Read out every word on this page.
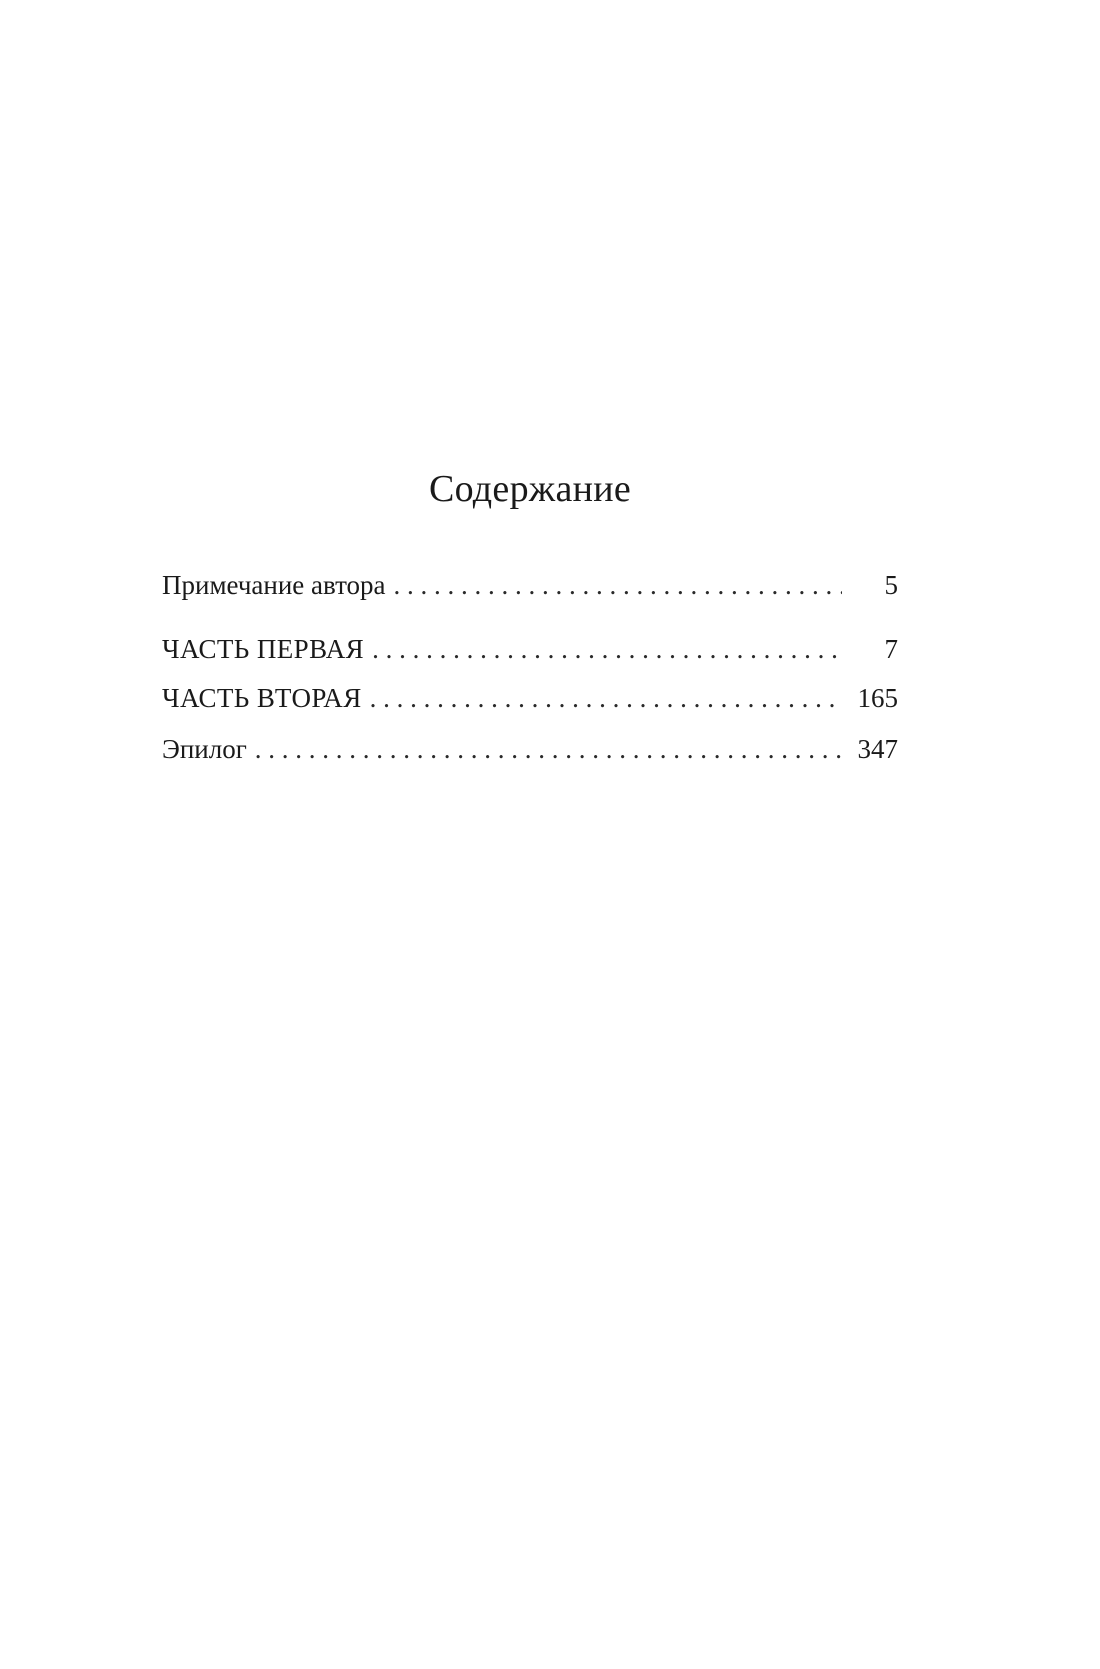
Содержание
Примечание автора . . .	5
ЧАСТЬ ПЕРВАЯ . . .	7
ЧАСТЬ ВТОРАЯ . . .	165
Эпилог . . .	347
